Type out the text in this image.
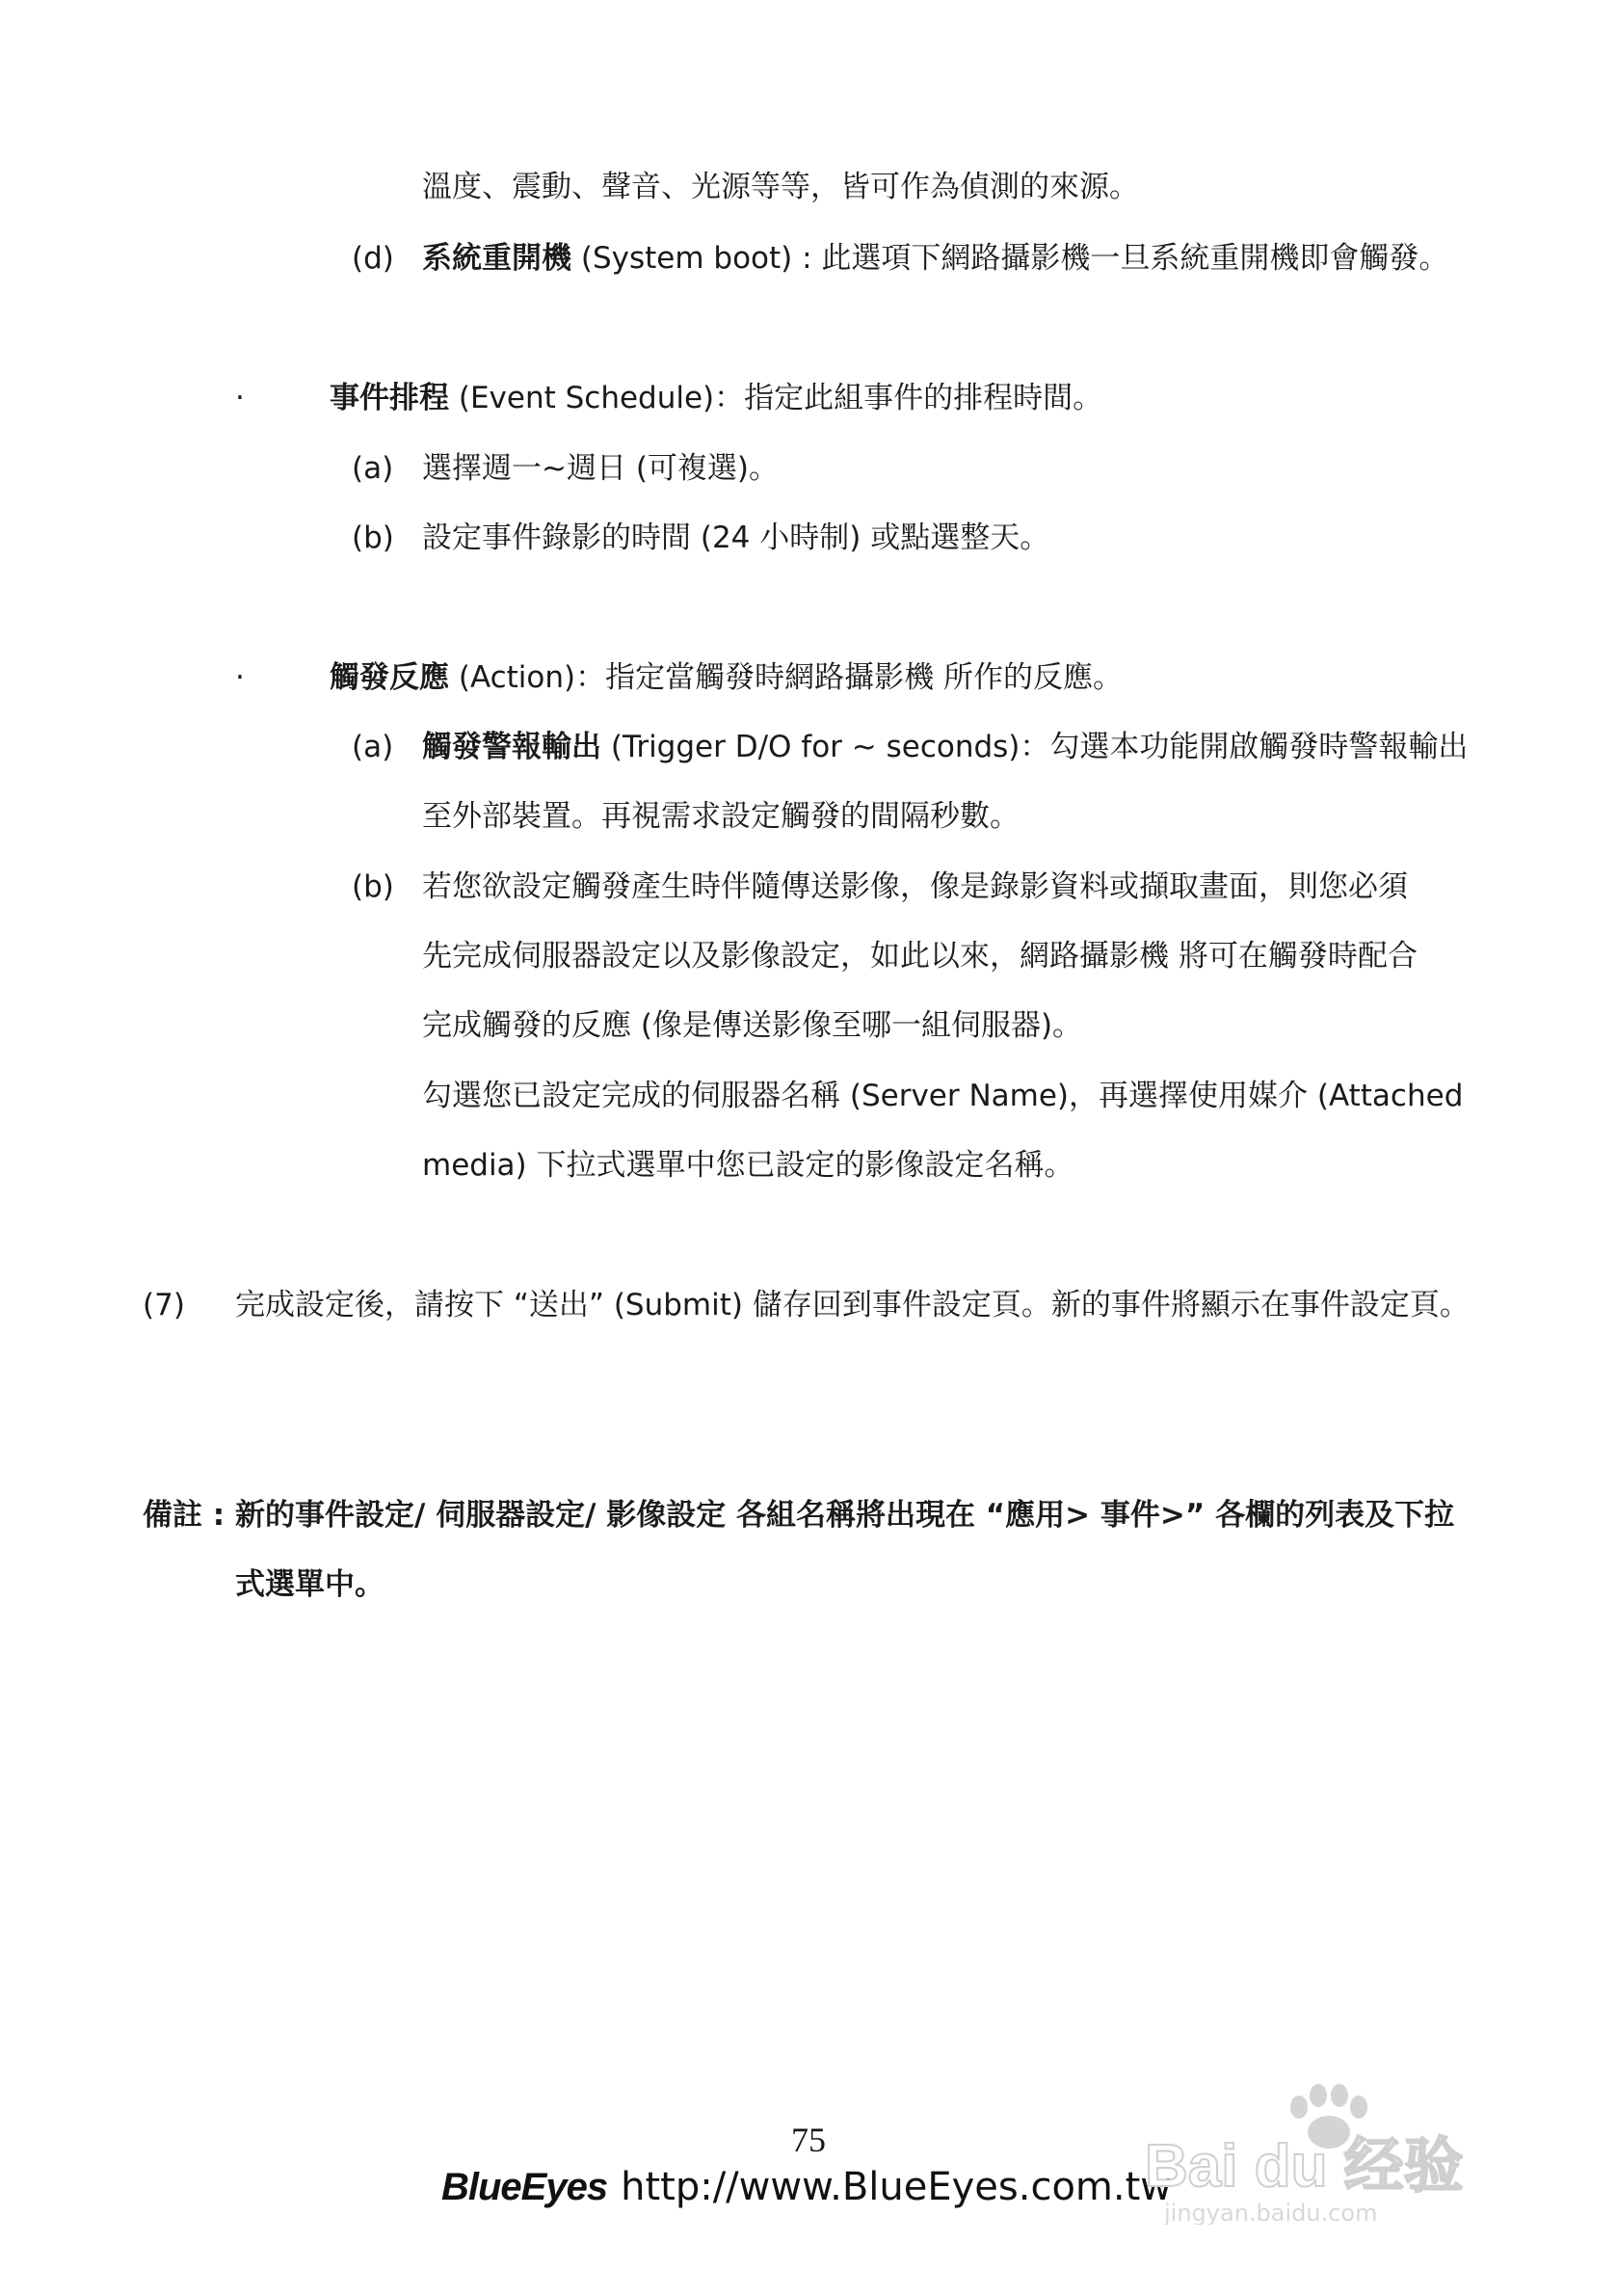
溫度、震動、聲音、光源等等，皆可作為偵測的來源。
(d) 系統重開機 (System boot) : 此選項下網路攝影機一旦系統重開機即會觸發。
·	事件排程 (Event Schedule)：指定此組事件的排程時間。
(a) 選擇週一~週日 (可複選)。
(b) 設定事件錄影的時間 (24 小時制) 或點選整天。
·	觸發反應 (Action)：指定當觸發時網路攝影機 所作的反應。
(a) 觸發警報輸出 (Trigger D/O for ~ seconds)：勾選本功能開啟觸發時警報輸出
至外部裝置。再視需求設定觸發的間隔秒數。
(b) 若您欲設定觸發產生時伴隨傳送影像，像是錄影資料或擷取畫面，則您必須
先完成伺服器設定以及影像設定，如此以來，網路攝影機 將可在觸發時配合
完成觸發的反應 (像是傳送影像至哪一組伺服器)。
勾選您已設定完成的伺服器名稱 (Server Name)，再選擇使用媒介 (Attached
media) 下拉式選單中您已設定的影像設定名稱。
(7) 完成設定後，請按下 “送出” (Submit) 儲存回到事件設定頁。新的事件將顯示在事件設定頁。
備註 : 新的事件設定/ 伺服器設定/ 影像設定 各組名稱將出現在 “應用> 事件>” 各欄的列表及下拉
式選單中。
75
BlueEyes http://www.BlueEyes.com.tw
Bai du 经验
jingyan.baidu.com
